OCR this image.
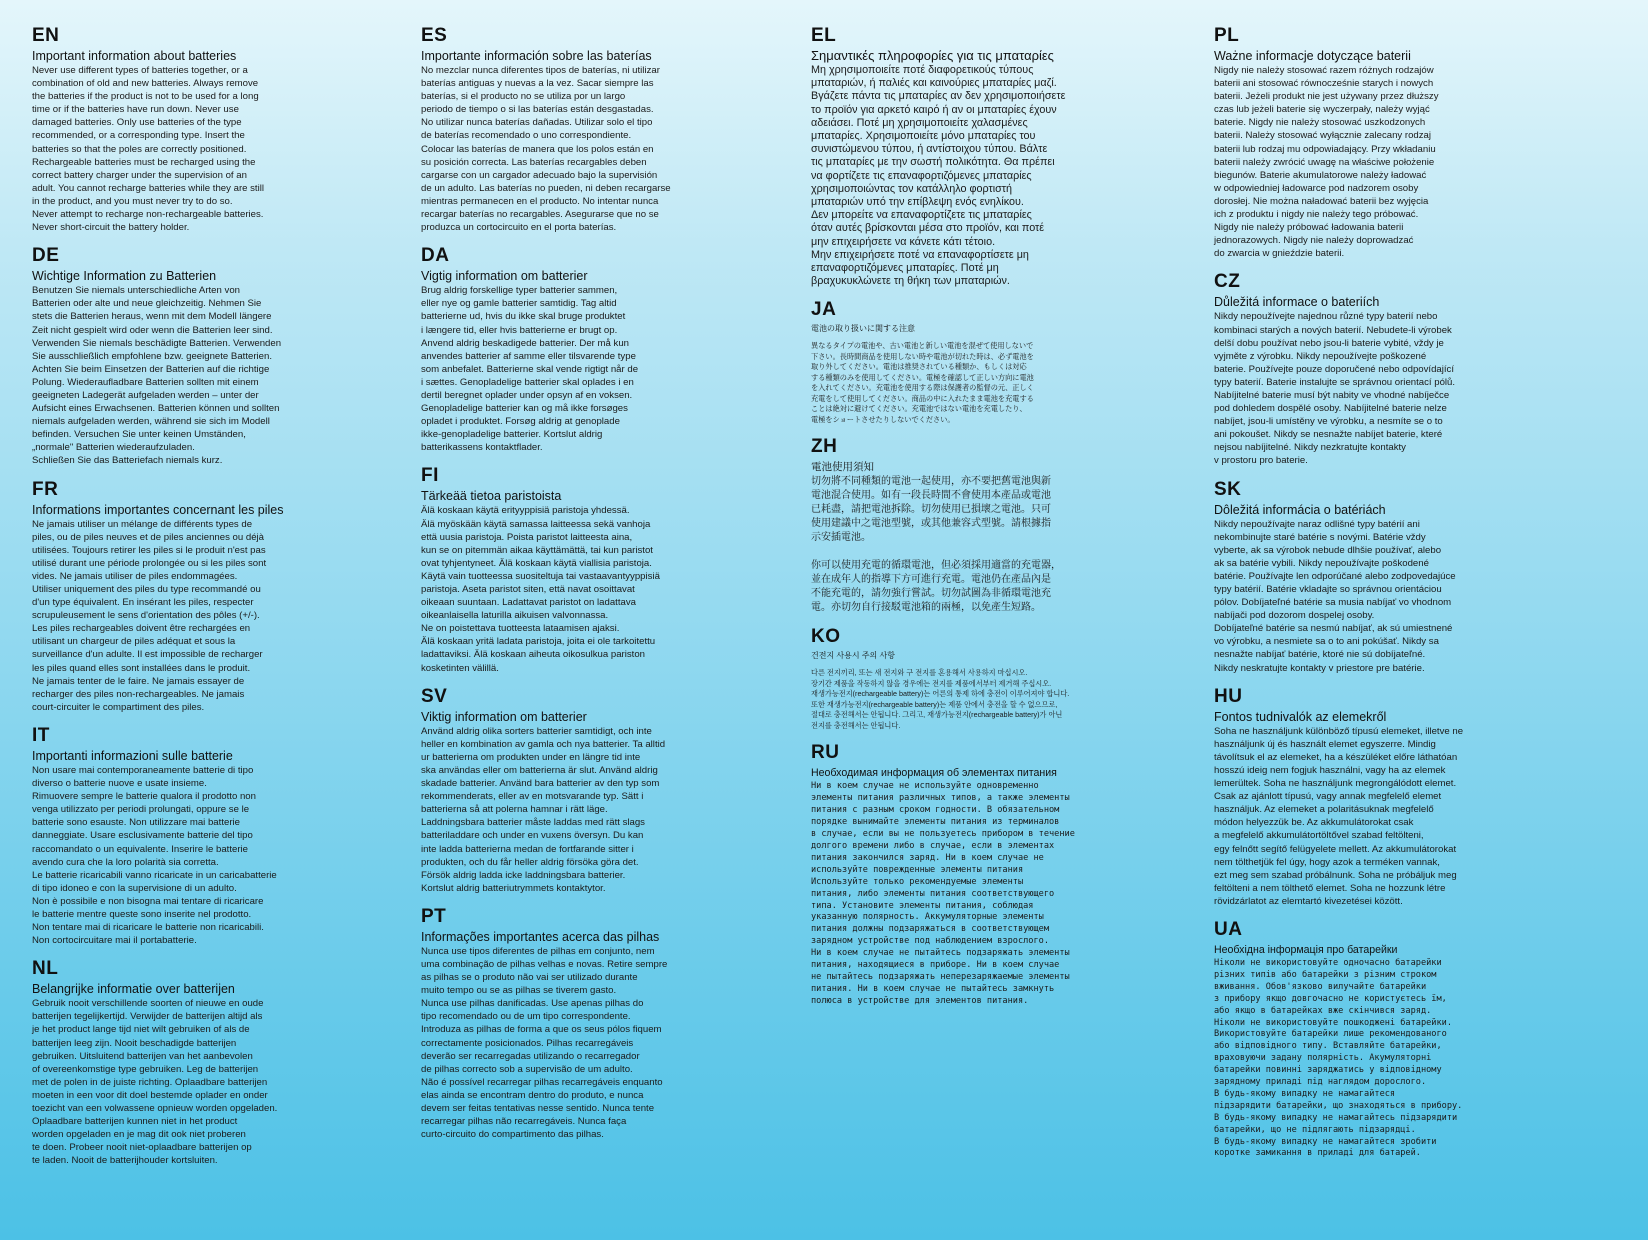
EN
Important information about batteries
Never use different types of batteries together, or a
combination of old and new batteries. Always remove
the batteries if the product is not to be used for a long
time or if the batteries have run down. Never use
damaged batteries. Only use batteries of the type
recommended, or a corresponding type. Insert the
batteries so that the poles are correctly positioned.
Rechargeable batteries must be recharged using the
correct battery charger under the supervision of an
adult. You cannot recharge batteries while they are still
in the product, and you must never try to do so.
Never attempt to recharge non-rechargeable batteries.
Never short-circuit the battery holder.
DE
Wichtige Information zu Batterien
Benutzen Sie niemals unterschiedliche Arten von
Batterien oder alte und neue gleichzeitig. Nehmen Sie
stets die Batterien heraus, wenn mit dem Modell längere
Zeit nicht gespielt wird oder wenn die Batterien leer sind.
Verwenden Sie niemals beschädigte Batterien. Verwenden
Sie ausschließlich empfohlene bzw. geeignete Batterien.
Achten Sie beim Einsetzen der Batterien auf die richtige
Polung. Wiederaufladbare Batterien sollten mit einem
geeigneten Ladegerät aufgeladen werden – unter der
Aufsicht eines Erwachsenen. Batterien können und sollten
niemals aufgeladen werden, während sie sich im Modell
befinden. Versuchen Sie unter keinen Umständen,
„normale" Batterien wiederaufzuladen.
Schließen Sie das Batteriefach niemals kurz.
FR
Informations importantes concernant les piles
Ne jamais utiliser un mélange de différents types de
piles, ou de piles neuves et de piles anciennes ou déjà
utilisées. Toujours retirer les piles si le produit n'est pas
utilisé durant une période prolongée ou si les piles sont
vides. Ne jamais utiliser de piles endommagées.
Utiliser uniquement des piles du type recommandé ou
d'un type équivalent. En insérant les piles, respecter
scrupuleusement le sens d'orientation des pôles (+/-).
Les piles rechargeables doivent être rechargées en
utilisant un chargeur de piles adéquat et sous la
surveillance d'un adulte. Il est impossible de recharger
les piles quand elles sont installées dans le produit.
Ne jamais tenter de le faire. Ne jamais essayer de
recharger des piles non-rechargeables. Ne jamais
court-circuiter le compartiment des piles.
IT
Importanti informazioni sulle batterie
Non usare mai contemporaneamente batterie di tipo
diverso o batterie nuove e usate insieme.
Rimuovere sempre le batterie qualora il prodotto non
venga utilizzato per periodi prolungati, oppure se le
batterie sono esauste. Non utilizzare mai batterie
danneggiate. Usare esclusivamente batterie del tipo
raccomandato o un equivalente. Inserire le batterie
avendo cura che la loro polarità sia corretta.
Le batterie ricaricabili vanno ricaricate in un caricabatterie
di tipo idoneo e con la supervisione di un adulto.
Non è possibile e non bisogna mai tentare di ricaricare
le batterie mentre queste sono inserite nel prodotto.
Non tentare mai di ricaricare le batterie non ricaricabili.
Non cortocircuitare mai il portabatterie.
NL
Belangrijke informatie over batterijen
Gebruik nooit verschillende soorten of nieuwe en oude
batterijen tegelijkertijd. Verwijder de batterijen altijd als
je het product lange tijd niet wilt gebruiken of als de
batterijen leeg zijn. Nooit beschadigde batterijen
gebruiken. Uitsluitend batterijen van het aanbevolen
of overeenkomstige type gebruiken. Leg de batterijen
met de polen in de juiste richting. Oplaadbare batterijen
moeten in een voor dit doel bestemde oplader en onder
toezicht van een volwassene opnieuw worden opgeladen.
Oplaadbare batterijen kunnen niet in het product
worden opgeladen en je mag dit ook niet proberen
te doen. Probeer nooit niet-oplaadbare batterijen op
te laden. Nooit de batterijhouder kortsluiten.
ES
Importante información sobre las baterías
No mezclar nunca diferentes tipos de baterías, ni utilizar
baterías antiguas y nuevas a la vez. Sacar siempre las
baterías, si el producto no se utiliza por un largo
periodo de tiempo o si las baterías están desgastadas.
No utilizar nunca baterías dañadas. Utilizar solo el tipo
de baterías recomendado o uno correspondiente.
Colocar las baterías de manera que los polos están en
su posición correcta. Las baterías recargables deben
cargarse con un cargador adecuado bajo la supervisión
de un adulto. Las baterías no pueden, ni deben recargarse
mientras permanecen en el producto. No intentar nunca
recargar baterías no recargables. Asegurarse que no se
produzca un cortocircuito en el porta baterías.
DA
Vigtig information om batterier
Brug aldrig forskellige typer batterier sammen,
eller nye og gamle batterier samtidig. Tag altid
batterierne ud, hvis du ikke skal bruge produktet
i længere tid, eller hvis batterierne er brugt op.
Anvend aldrig beskadigede batterier. Der må kun
anvendes batterier af samme eller tilsvarende type
som anbefalet. Batterierne skal vende rigtigt når de
i sættes. Genopladelige batterier skal oplades i en
dertil beregnet oplader under opsyn af en voksen.
Genopladelige batterier kan og må ikke forsøges
opladet i produktet. Forsøg aldrig at genoplade
ikke-genopladelige batterier. Kortslut aldrig
batterikassens kontaktflader.
FI
Tärkeää tietoa paristoista
Älä koskaan käytä erityyppisiä paristoja yhdessä.
Älä myöskään käytä samassa laitteessa sekä vanhoja
että uusia paristoja. Poista paristot laitteesta aina,
kun se on pitemmän aikaa käyttämättä, tai kun paristot
ovat tyhjentyneet. Älä koskaan käytä viallisia paristoja.
Käytä vain tuotteessa suositeltuja tai vastaavantyyppisiä
paristoja. Aseta paristot siten, että navat osoittavat
oikeaan suuntaan. Ladattavat paristot on ladattava
oikeanlaisella laturilla aikuisen valvonnassa.
Ne on poistettava tuotteesta lataamisen ajaksi.
Älä koskaan yritä ladata paristoja, joita ei ole tarkoitettu
ladattaviksi. Älä koskaan aiheuta oikosulkua pariston
kosketinten välillä.
SV
Viktig information om batterier
Använd aldrig olika sorters batterier samtidigt, och inte
heller en kombination av gamla och nya batterier. Ta alltid
ur batterierna om produkten under en längre tid inte
ska användas eller om batterierna är slut. Använd aldrig
skadade batterier. Använd bara batterier av den typ som
rekommenderats, eller av en motsvarande typ. Sätt i
batterierna så att polerna hamnar i rätt läge.
Laddningsbara batterier måste laddas med rätt slags
batteriladdare och under en vuxens översyn. Du kan
inte ladda batterierna medan de fortfarande sitter i
produkten, och du får heller aldrig försöka göra det.
Försök aldrig ladda icke laddningsbara batterier.
Kortslut aldrig batteriutrymmets kontaktytor.
PT
Informações importantes acerca das pilhas
Nunca use tipos diferentes de pilhas em conjunto, nem
uma combinação de pilhas velhas e novas. Retire sempre
as pilhas se o produto não vai ser utilizado durante
muito tempo ou se as pilhas se tiverem gasto.
Nunca use pilhas danificadas. Use apenas pilhas do
tipo recomendado ou de um tipo correspondente.
Introduza as pilhas de forma a que os seus pólos fiquem
correctamente posicionados. Pilhas recarregáveis
deverão ser recarregadas utilizando o recarregador
de pilhas correcto sob a supervisão de um adulto.
Não é possível recarregar pilhas recarregáveis enquanto
elas ainda se encontram dentro do produto, e nunca
devem ser feitas tentativas nesse sentido. Nunca tente
recarregar pilhas não recarregáveis. Nunca faça
curto-circuito do compartimento das pilhas.
EL
Σημαντικές πληροφορίες για τις μπαταρίες
Μη χρησιμοποιείτε ποτέ διαφορετικούς τύπους
μπαταριών, ή παλιές και καινούριες μπαταρίες μαζί.
Βγάζετε πάντα τις μπαταρίες αν δεν χρησιμοποιήσετε
το προϊόν για αρκετό καιρό ή αν οι μπαταρίες έχουν
αδειάσει. Ποτέ μη χρησιμοποιείτε χαλασμένες
μπαταρίες. Χρησιμοποιείτε μόνο μπαταρίες του
συνιστώμενου τύπου, ή αντίστοιχου τύπου. Βάλτε
τις μπαταρίες με την σωστή πολικότητα. Θα πρέπει
να φορτίζετε τις επαναφορτιζόμενες μπαταρίες
χρησιμοποιώντας τον κατάλληλο φορτιστή
μπαταριών υπό την επίβλεψη ενός ενηλίκου.
Δεν μπορείτε να επαναφορτίζετε τις μπαταρίες
όταν αυτές βρίσκονται μέσα στο προϊόν, και ποτέ
μην επιχειρήσετε να κάνετε κάτι τέτοιο.
Μην επιχειρήσετε ποτέ να επαναφορτίσετε μη
επαναφορτιζόμενες μπαταρίες. Ποτέ μη
βραχυκυκλώνετε τη θήκη των μπαταριών.
JA
電池の取り扱いに関する注意
異なるタイプの電池や、古い電池と新しい電池を混ぜて使用しないで
下さい。長時間商品を使用しない時や電池が切れた時は、必ず電池を
取り外してください。電池は推奨されている種類か、もしくは対応
する種類のみを使用してください。電極を確認して正しい方向に電池
を入れてください。充電池を使用する際は保護者の監督の元、正しく
充電をして使用してください。商品の中に入れたまま電池を充電する
ことは絶対に避けてください。充電池ではない電池を充電したり、
電極をショートさせたりしないでください。
ZH
電池使用須知
切勿將不同種類的電池一起使用，亦不要把舊電池與新
電池混合使用。如有一段長時間不會使用本產品或電池
已耗盡，請把電池拆除。切勿使用已損壞之電池。只可
使用建議中之電池型號，或其他兼容式型號。請根據指
示安插電池。

你可以使用充電的循環電池，但必須採用適當的充電器，
並在成年人的指導下方可進行充電。電池仍在產品內是
不能充電的，請勿強行嘗試。切勿試圖為非循環電池充
電。亦切勿自行接駁電池箱的兩極，以免產生短路。
KO
건전지 사용시 주의 사항
다른 전지끼리, 또는 새 전지와 구 전지를 혼용해서 사용하지 마십시오.
장기간 제품을 작동하지 않을 경우에는 전지를 제품에서부터 제거해 주십시오.
재생가능전지(rechargeable battery)는 어른의 통제 하에 충전이 이루어져야 합니다.
또한 재생가능전지(rechargeable battery)는 제품 안에서 충전을 할 수 없으므로,
절대로 충전해서는 안됩니다. 그리고, 재생가능전지(rechargeable battery)가 아닌
전지를 충전해서는 안됩니다.
RU
Необходимая информация об элементах питания
Ни в коем случае не используйте одновременно
элементы питания различных типов, а также элементы
питания с разным сроком годности. В обязательном
порядке вынимайте элементы питания из терминалов
в случае, если вы не пользуетесь прибором в течение
долгого времени либо в случае, если в элементах
питания закончился заряд. Ни в коем случае не
используйте поврежденные элементы питания
Используйте только рекомендуемые элементы
питания, либо элементы питания соответствующего
типа. Установите элементы питания, соблюдая
указанную полярность. Аккумуляторные элементы
питания должны подзаряжаться в соответствующем
зарядном устройстве под наблюдением взрослого.
Ни в коем случае не пытайтесь подзаряжать элементы
питания, находящиеся в приборе. Ни в коем случае
не пытайтесь подзаряжать неперезаряжаемые элементы
питания. Ни в коем случае не пытайтесь замкнуть
полюса в устройстве для элементов питания.
PL
Ważne informacje dotyczące baterii
Nigdy nie należy stosować razem różnych rodzajów
baterii ani stosować równocześnie starych i nowych
baterii. Jeżeli produkt nie jest używany przez dłuższy
czas lub jeżeli baterie się wyczerpały, należy wyjąć
baterie. Nigdy nie należy stosować uszkodzonych
baterii. Należy stosować wyłącznie zalecany rodzaj
baterii lub rodzaj mu odpowiadający. Przy wkładaniu
baterii należy zwrócić uwagę na właściwe położenie
biegunów. Baterie akumulatorowe należy ładować
w odpowiedniej ładowarce pod nadzorem osoby
dorosłej. Nie można naładować baterii bez wyjęcia
ich z produktu i nigdy nie należy tego próbować.
Nigdy nie należy próbować ładowania baterii
jednorazowych. Nigdy nie należy doprowadzać
do zwarcia w gnieździe baterii.
CZ
Důležitá informace o bateriích
Nikdy nepoužívejte najednou různé typy baterií nebo
kombinaci starých a nových baterií. Nebudete-li výrobek
delší dobu používat nebo jsou-li baterie vybité, vždy je
vyjměte z výrobku. Nikdy nepoužívejte poškozené
baterie. Používejte pouze doporučené nebo odpovídající
typy baterií. Baterie instalujte se správnou orientací pólů.
Nabíjitelné baterie musí být nabity ve vhodné nabíječce
pod dohledem dospělé osoby. Nabíjitelné baterie nelze
nabíjet, jsou-li umístěny ve výrobku, a nesmíte se o to
ani pokoušet. Nikdy se nesnažte nabíjet baterie, které
nejsou nabíjitelné. Nikdy nezkratujte kontakty
v prostoru pro baterie.
SK
Dôležitá informácia o batériách
Nikdy nepoužívajte naraz odlišné typy batérií ani
nekombinujte staré batérie s novými. Batérie vždy
vyberte, ak sa výrobok nebude dlhšie používať, alebo
ak sa batérie vybili. Nikdy nepoužívajte poškodené
batérie. Používajte len odporúčané alebo zodpovedajúce
typy batérií. Batérie vkladajte so správnou orientáciou
pólov. Dobíjateľné batérie sa musia nabíjať vo vhodnom
nabíjači pod dozorom dospelej osoby.
Dobíjateľné batérie sa nesmú nabíjať, ak sú umiestnené
vo výrobku, a nesmiete sa o to ani pokúšať. Nikdy sa
nesnažte nabíjať batérie, ktoré nie sú dobíjateľné.
Nikdy neskratujte kontakty v priestore pre batérie.
HU
Fontos tudnivalók az elemekről
Soha ne használjunk különböző típusú elemeket, illetve ne
használjunk új és használt elemet egyszerre. Mindig
távolítsuk el az elemeket, ha a készüléket előre láthatóan
hosszú ideig nem fogjuk használni, vagy ha az elemek
lemerültek. Soha ne használjunk megrongálódott elemet.
Csak az ajánlott típusú, vagy annak megfelelő elemet
használjuk. Az elemeket a polaritásuknak megfelelő
módon helyezzük be. Az akkumulátorokat csak
a megfelelő akkumulátortöltővel szabad feltölteni,
egy felnőtt segítő felügyelete mellett. Az akkumulátorokat
nem tölthetjük fel úgy, hogy azok a terméken vannak,
ezt meg sem szabad próbálnunk. Soha ne próbáljuk meg
feltölteni a nem tölthető elemet. Soha ne hozzunk létre
rövidzárlatot az elemtartó kivezetései között.
UA
Необхідна інформація про батарейки
Ніколи не використовуйте одночасно батарейки
різних типів або батарейки з різним строком
вживання. Обов'язково вилучайте батарейки
з прибору якщо довгочасно не користуєтесь їм,
або якщо в батарейках вже скінчився заряд.
Ніколи не використовуйте пошкоджені батарейки.
Використовуйте батарейки лише рекомендованого
або відповідного типу. Вставляйте батарейки,
враховуючи задану полярність. Акумуляторні
батарейки повинні заряджатись у відповідному
зарядному приладі під наглядом дорослого.
В будь-якому випадку не намагайтеся
підзарядити батарейки, що знаходяться в прибору.
В будь-якому випадку не намагайтесь підзарядити
батарейки, що не підлягають підзарядці.
В будь-якому випадку не намагайтеся зробити
коротке замикання в приладі для батарей.
